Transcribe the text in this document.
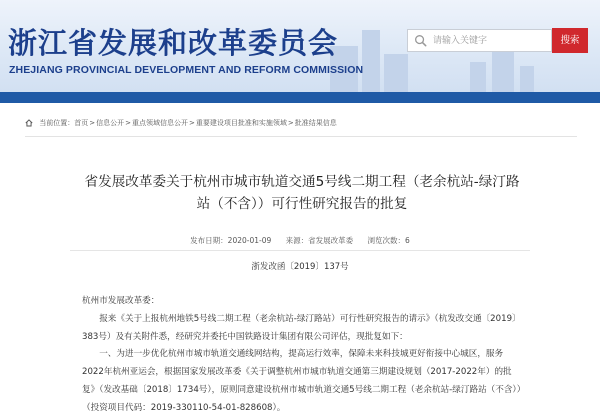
浙江省发展和改革委员会
ZHEJIANG PROVINCIAL DEVELOPMENT AND REFORM COMMISSION
请输入关键字	搜索
当前位置：首页>信息公开>重点领域信息公开>重要建设项目批准和实施领域>批准结果信息
省发展改革委关于杭州市城市轨道交通5号线二期工程（老余杭站-绿汀路站（不含））可行性研究报告的批复
发布日期：2020-01-09 来源：省发展改革委 浏览次数：6
浙发改函〔2019〕137号

杭州市发展改革委：

报来《关于上报杭州地铁5号线二期工程（老余杭站-绿汀路站）可行性研究报告的请示》（杭发改交通〔2019〕383号）及有关附件悉，经研究并委托中国铁路设计集团有限公司评估，现批复如下：

一、为进一步优化杭州市城市轨道交通线网结构，提高运行效率，保障未来科技城更好衔接中心城区，服务2022年杭州亚运会，根据国家发展改革委《关于调整杭州市城市轨道交通第三期建设规划（2017-2022年）的批复》（发改基础〔2018〕1734号），原则同意建设杭州市城市轨道交通5号线二期工程（老余杭站-绿汀路站（不含））（投资项目代码：2019-330110-54-01-828608）。
